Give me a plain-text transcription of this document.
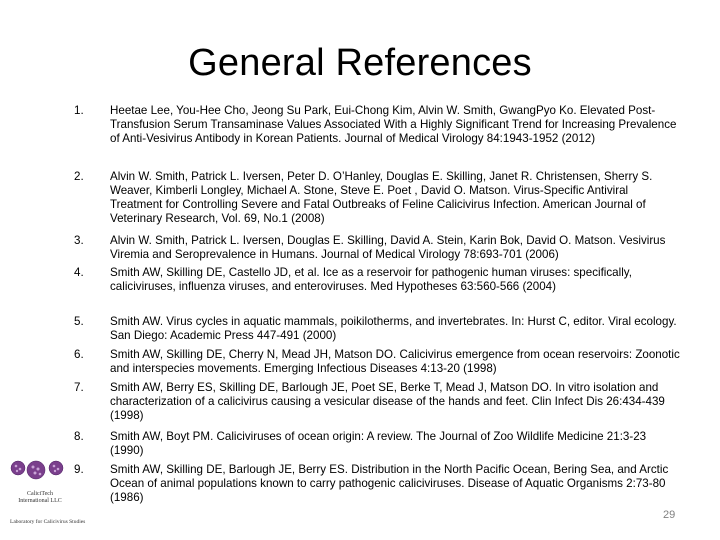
General References
1.	Heetae Lee, You-Hee Cho, Jeong Su Park, Eui-Chong Kim, Alvin W. Smith, GwangPyo Ko. Elevated Post-Transfusion Serum Transaminase Values Associated With a Highly Significant Trend for Increasing Prevalence of Anti-Vesivirus Antibody in Korean Patients. Journal of Medical Virology 84:1943-1952 (2012)
2.	Alvin W. Smith, Patrick L. Iversen, Peter D. O’Hanley, Douglas E. Skilling, Janet R. Christensen, Sherry S. Weaver, Kimberli Longley, Michael A. Stone, Steve E. Poet , David O. Matson. Virus-Specific Antiviral Treatment for Controlling Severe and Fatal Outbreaks of Feline Calicivirus Infection. American Journal of Veterinary Research, Vol. 69, No.1 (2008)
3.	Alvin W. Smith, Patrick L. Iversen, Douglas E. Skilling, David A. Stein, Karin Bok, David O. Matson. Vesivirus Viremia and Seroprevalence in Humans. Journal of Medical Virology 78:693-701 (2006)
4.	Smith AW, Skilling DE, Castello JD, et al. Ice as a reservoir for pathogenic human viruses: specifically, caliciviruses, influenza viruses, and enteroviruses. Med Hypotheses 63:560-566 (2004)
5.	Smith AW. Virus cycles in aquatic mammals, poikilotherms, and invertebrates. In: Hurst C, editor. Viral ecology. San Diego: Academic Press 447-491 (2000)
6.	Smith AW, Skilling DE, Cherry N, Mead JH, Matson DO. Calicivirus emergence from ocean reservoirs: Zoonotic and interspecies movements. Emerging Infectious Diseases 4:13-20 (1998)
7.	Smith AW, Berry ES, Skilling DE, Barlough JE, Poet SE, Berke T, Mead J, Matson DO. In vitro isolation and characterization of a calicivirus causing a vesicular disease of the hands and feet. Clin Infect Dis 26:434-439 (1998)
8.	Smith AW, Boyt PM. Caliciviruses of ocean origin: A review. The Journal of Zoo Wildlife Medicine 21:3-23 (1990)
9.	Smith AW, Skilling DE, Barlough JE, Berry ES. Distribution in the North Pacific Ocean, Bering Sea, and Arctic Ocean of animal populations known to carry pathogenic caliciviruses. Disease of Aquatic Organisms 2:73-80 (1986)
CaliciTech
International LLC
Laboratory for Calicivirus Studies
29
